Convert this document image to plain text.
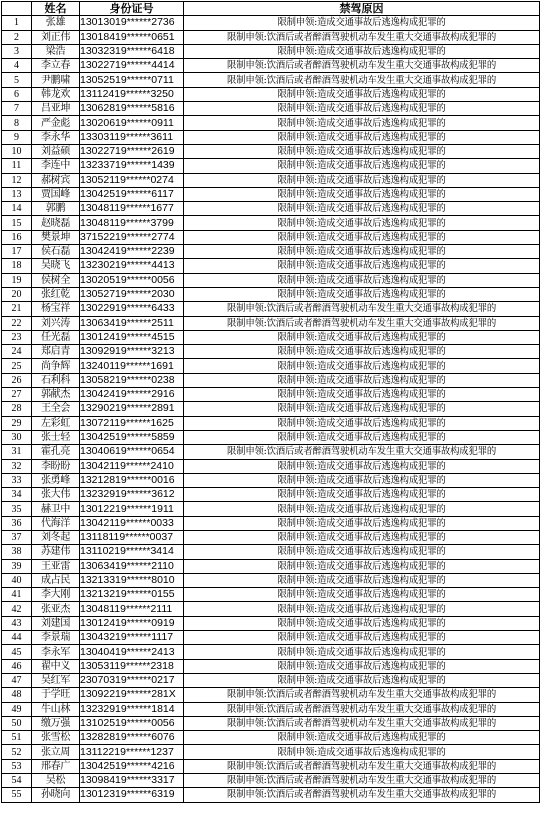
	姓名	身份证号	禁驾原因
1	张雄	13013019******2736	限制申领:造成交通事故后逃逸构成犯罪的
2	刘正伟	13018419******0651	限制申领:饮酒后或者醉酒驾驶机动车发生重大交通事故构成犯罪的
3	梁浩	13032319******6418	限制申领:造成交通事故后逃逸构成犯罪的
4	李立春	13022719******4414	限制申领:饮酒后或者醉酒驾驶机动车发生重大交通事故构成犯罪的
5	尹鹏啸	13052519******0711	限制申领:饮酒后或者醉酒驾驶机动车发生重大交通事故构成犯罪的
6	韩龙欢	13112419******3250	限制申领:造成交通事故后逃逸构成犯罪的
7	吕亚坤	13062819******5816	限制申领:造成交通事故后逃逸构成犯罪的
8	严金彪	13020619******0911	限制申领:造成交通事故后逃逸构成犯罪的
9	李永华	13303119******3611	限制申领:造成交通事故后逃逸构成犯罪的
10	刘益硕	13022719******2619	限制申领:造成交通事故后逃逸构成犯罪的
11	李连中	13233719******1439	限制申领:造成交通事故后逃逸构成犯罪的
12	郝树宾	13052119******0274	限制申领:造成交通事故后逃逸构成犯罪的
13	贾国峰	13042519******6117	限制申领:造成交通事故后逃逸构成犯罪的
14	郭鹏	13048119******1677	限制申领:造成交通事故后逃逸构成犯罪的
15	赵晓磊	13048119******3799	限制申领:造成交通事故后逃逸构成犯罪的
16	樊景坤	37152219******2774	限制申领:造成交通事故后逃逸构成犯罪的
17	侯石磊	13042419******2239	限制申领:造成交通事故后逃逸构成犯罪的
18	吴晓飞	13230219******4413	限制申领:造成交通事故后逃逸构成犯罪的
19	侯树全	13020519******0056	限制申领:造成交通事故后逃逸构成犯罪的
20	张红乾	13052719******2030	限制申领:造成交通事故后逃逸构成犯罪的
21	杨宝祥	13022919******6433	限制申领:饮酒后或者醉酒驾驶机动车发生重大交通事故构成犯罪的
22	刘兴涛	13063419******2511	限制申领:饮酒后或者醉酒驾驶机动车发生重大交通事故构成犯罪的
23	任光磊	13012419******4515	限制申领:造成交通事故后逃逸构成犯罪的
24	郑启青	13092919******3213	限制申领:造成交通事故后逃逸构成犯罪的
25	尚争辉	13240119******1691	限制申领:造成交通事故后逃逸构成犯罪的
26	石利科	13058219******0238	限制申领:造成交通事故后逃逸构成犯罪的
27	郭献杰	13042419******2916	限制申领:造成交通事故后逃逸构成犯罪的
28	王全会	13290219******2891	限制申领:造成交通事故后逃逸构成犯罪的
29	左彩虹	13072119******1625	限制申领:造成交通事故后逃逸构成犯罪的
30	张士轻	13042519******5859	限制申领:造成交通事故后逃逸构成犯罪的
31	霍孔亮	13040619******0654	限制申领:饮酒后或者醉酒驾驶机动车发生重大交通事故构成犯罪的
32	李盼盼	13042119******2410	限制申领:造成交通事故后逃逸构成犯罪的
33	张勇峰	13212819******0016	限制申领:造成交通事故后逃逸构成犯罪的
34	张大伟	13232919******3612	限制申领:造成交通事故后逃逸构成犯罪的
35	赫卫中	13012219******1911	限制申领:造成交通事故后逃逸构成犯罪的
36	代海洋	13042119******0033	限制申领:造成交通事故后逃逸构成犯罪的
37	刘冬起	13118119******0037	限制申领:造成交通事故后逃逸构成犯罪的
38	苏建伟	13110219******3414	限制申领:造成交通事故后逃逸构成犯罪的
39	王亚雷	13063419******2110	限制申领:造成交通事故后逃逸构成犯罪的
40	成占民	13213319******8010	限制申领:造成交通事故后逃逸构成犯罪的
41	李大刚	13213219******0155	限制申领:造成交通事故后逃逸构成犯罪的
42	张亚杰	13048119******2111	限制申领:造成交通事故后逃逸构成犯罪的
43	刘建国	13012419******0919	限制申领:造成交通事故后逃逸构成犯罪的
44	李景瑞	13043219******1117	限制申领:造成交通事故后逃逸构成犯罪的
45	李永军	13040419******2413	限制申领:造成交通事故后逃逸构成犯罪的
46	翟中义	13053119******2318	限制申领:造成交通事故后逃逸构成犯罪的
47	吴红军	23070319******0217	限制申领:造成交通事故后逃逸构成犯罪的
48	于学旺	13092219******281X	限制申领:饮酒后或者醉酒驾驶机动车发生重大交通事故构成犯罪的
49	牛山林	13232919******1814	限制申领:饮酒后或者醉酒驾驶机动车发生重大交通事故构成犯罪的
50	缴万强	13102519******0056	限制申领:饮酒后或者醉酒驾驶机动车发生重大交通事故构成犯罪的
51	张雪松	13282819******6076	限制申领:造成交通事故后逃逸构成犯罪的
52	张立周	13112219******1237	限制申领:造成交通事故后逃逸构成犯罪的
53	邢春广	13042519******4216	限制申领:饮酒后或者醉酒驾驶机动车发生重大交通事故构成犯罪的
54	吴松	13098419******3317	限制申领:饮酒后或者醉酒驾驶机动车发生重大交通事故构成犯罪的
55	孙晓向	13012319******6319	限制申领:饮酒后或者醉酒驾驶机动车发生重大交通事故构成犯罪的
